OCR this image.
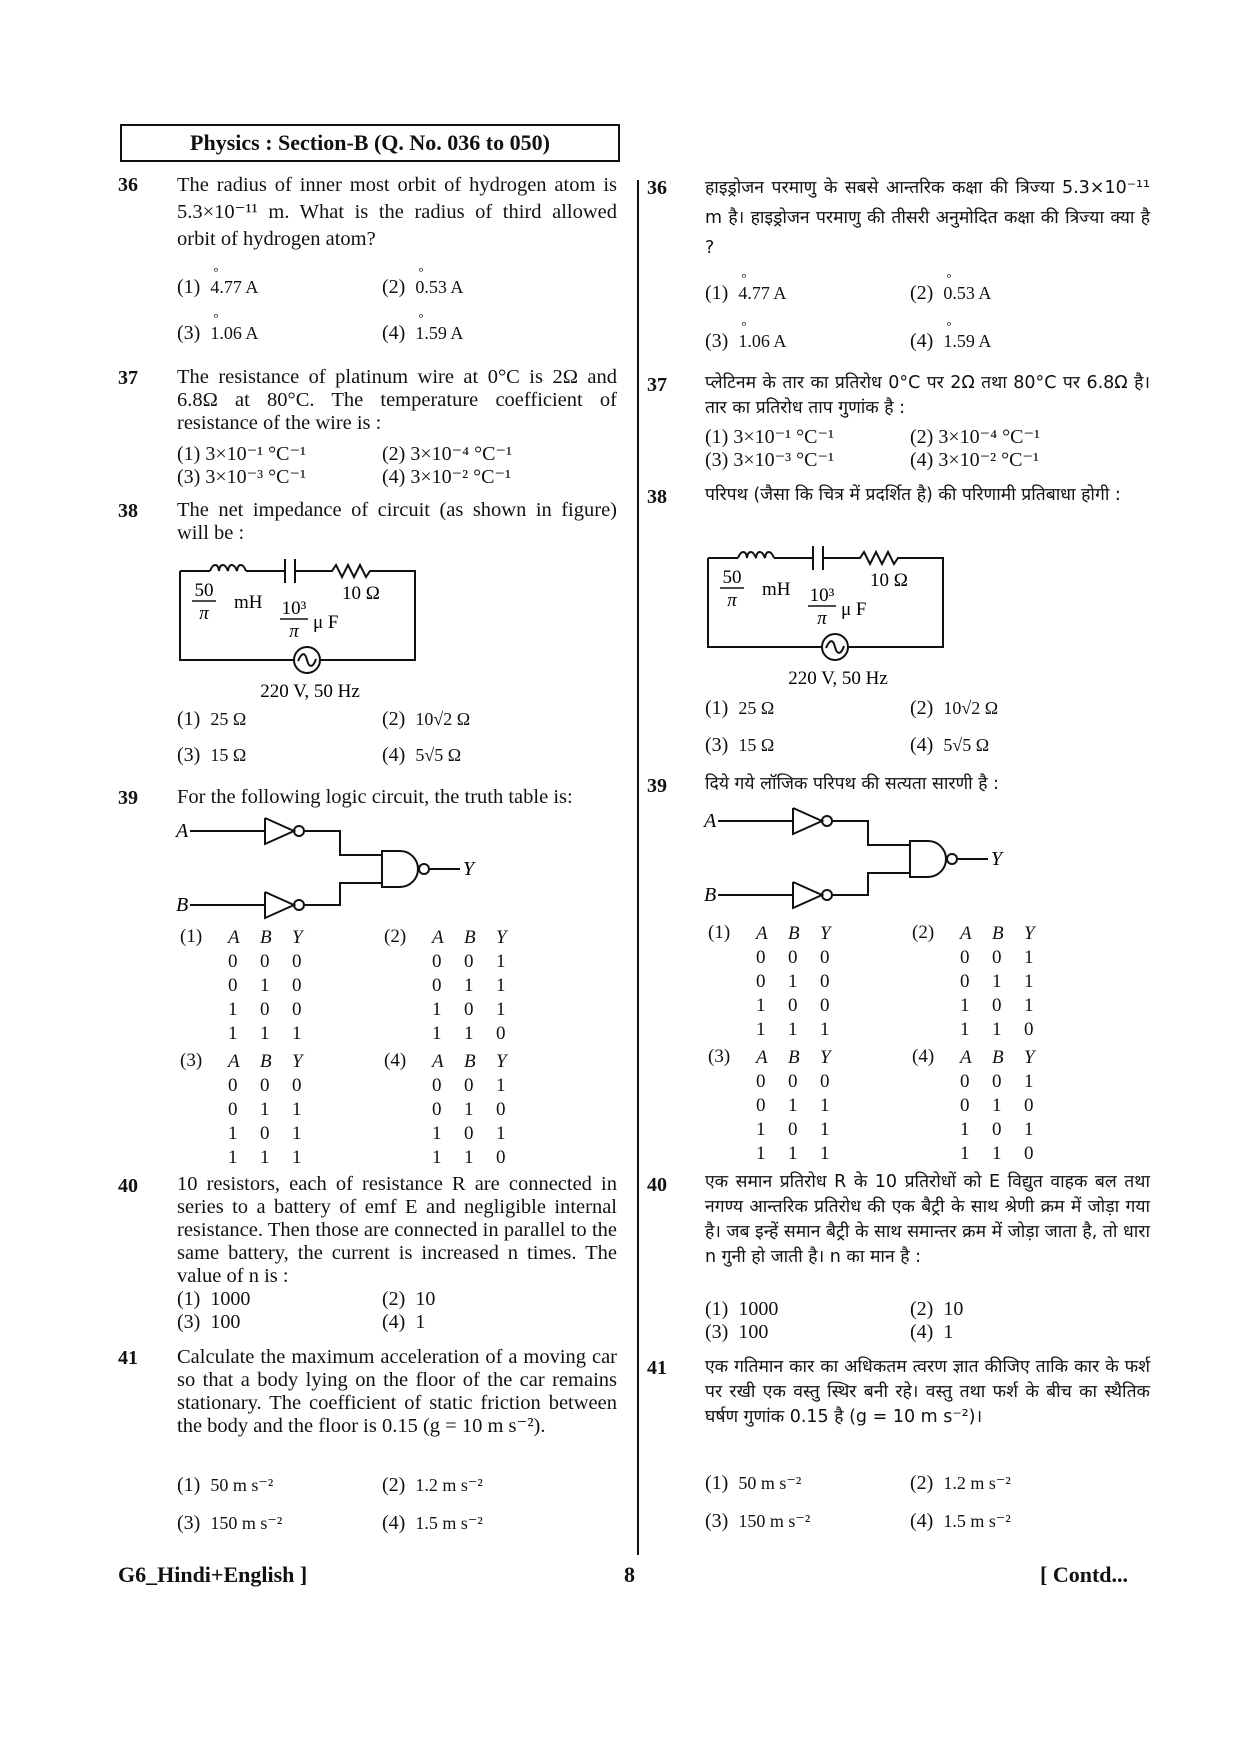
Physics : Section-B (Q. No. 036 to 050)
36 The radius of inner most orbit of hydrogen atom is 5.3×10⁻¹¹ m. What is the radius of third allowed orbit of hydrogen atom?
(1) ° 4.77 A	(2) ° 0.53 A
(3) ° 1.06 A	(4) ° 1.59 A
37 The resistance of platinum wire at 0°C is 2Ω and 6.8Ω at 80°C. The temperature coefficient of resistance of the wire is :
(1) 3×10⁻¹ °C⁻¹	(2) 3×10⁻⁴ °C⁻¹
(3) 3×10⁻³ °C⁻¹	(4) 3×10⁻² °C⁻¹
38 The net impedance of circuit (as shown in figure) will be :
50
π
mH 10³
π μ F
10 Ω
220 V, 50 Hz
(1) 25 Ω	(2) 10√2 Ω
(3) 15 Ω	(4) 5√5 Ω
39 For the following logic circuit, the truth table is:
A
B
Y
(1) A	B	Y
0	0	0
0	1	0
1	0	0
1	1	1
(2) A	B	Y
0	0	1
0	1	1
1	0	1
1	1	0
(3) A	B	Y
0	0	0
0	1	1
1	0	1
1	1	1
(4) A	B	Y
0	0	1
0	1	0
1	0	1
1	1	0
40 10 resistors, each of resistance R are connected in series to a battery of emf E and negligible internal resistance. Then those are connected in parallel to the same battery, the current is increased n times. The value of n is :
(1) 1000	(2) 10
(3) 100	(4) 1
41 Calculate the maximum acceleration of a moving car so that a body lying on the floor of the car remains stationary. The coefficient of static friction between the body and the floor is 0.15 (g = 10 m s⁻²).
(1) 50 m s⁻²	(2) 1.2 m s⁻²
(3) 150 m s⁻²	(4) 1.5 m s⁻²
36 हाइड्रोजन परमाणु के सबसे आन्तरिक कक्षा की त्रिज्या 5.3×10⁻¹¹ m है। हाइड्रोजन परमाणु की तीसरी अनुमोदित कक्षा की त्रिज्या क्या है ?
(1) ° 4.77 A	(2) ° 0.53 A
(3) ° 1.06 A	(4) ° 1.59 A
37 प्लेटिनम के तार का प्रतिरोध 0°C पर 2Ω तथा 80°C पर 6.8Ω है। तार का प्रतिरोध ताप गुणांक है :
(1) 3×10⁻¹ °C⁻¹	(2) 3×10⁻⁴ °C⁻¹
(3) 3×10⁻³ °C⁻¹	(4) 3×10⁻² °C⁻¹
38 परिपथ (जैसा कि चित्र में प्रदर्शित है) की परिणामी प्रतिबाधा होगी :
50
π
mH 10³
π μ F
10 Ω
220 V, 50 Hz
(1) 25 Ω	(2) 10√2 Ω
(3) 15 Ω	(4) 5√5 Ω
39 दिये गये लॉजिक परिपथ की सत्यता सारणी है :
A
B
Y
(1) A	B	Y
0	0	0
0	1	0
1	0	0
1	1	1
(2) A	B	Y
0	0	1
0	1	1
1	0	1
1	1	0
(3) A	B	Y
0	0	0
0	1	1
1	0	1
1	1	1
(4) A	B	Y
0	0	1
0	1	0
1	0	1
1	1	0
40 एक समान प्रतिरोध R के 10 प्रतिरोधों को E विद्युत वाहक बल तथा नगण्य आन्तरिक प्रतिरोध की एक बैट्री के साथ श्रेणी क्रम में जोड़ा गया है। जब इन्हें समान बैट्री के साथ समान्तर क्रम में जोड़ा जाता है, तो धारा n गुनी हो जाती है। n का मान है :
(1) 1000	(2) 10
(3) 100	(4) 1
41 एक गतिमान कार का अधिकतम त्वरण ज्ञात कीजिए ताकि कार के फर्श पर रखी एक वस्तु स्थिर बनी रहे। वस्तु तथा फर्श के बीच का स्थैतिक घर्षण गुणांक 0.15 है (g = 10 m s⁻²)।
(1) 50 m s⁻²	(2) 1.2 m s⁻²
(3) 150 m s⁻²	(4) 1.5 m s⁻²
G6_Hindi+English ]	8	[ Contd...
